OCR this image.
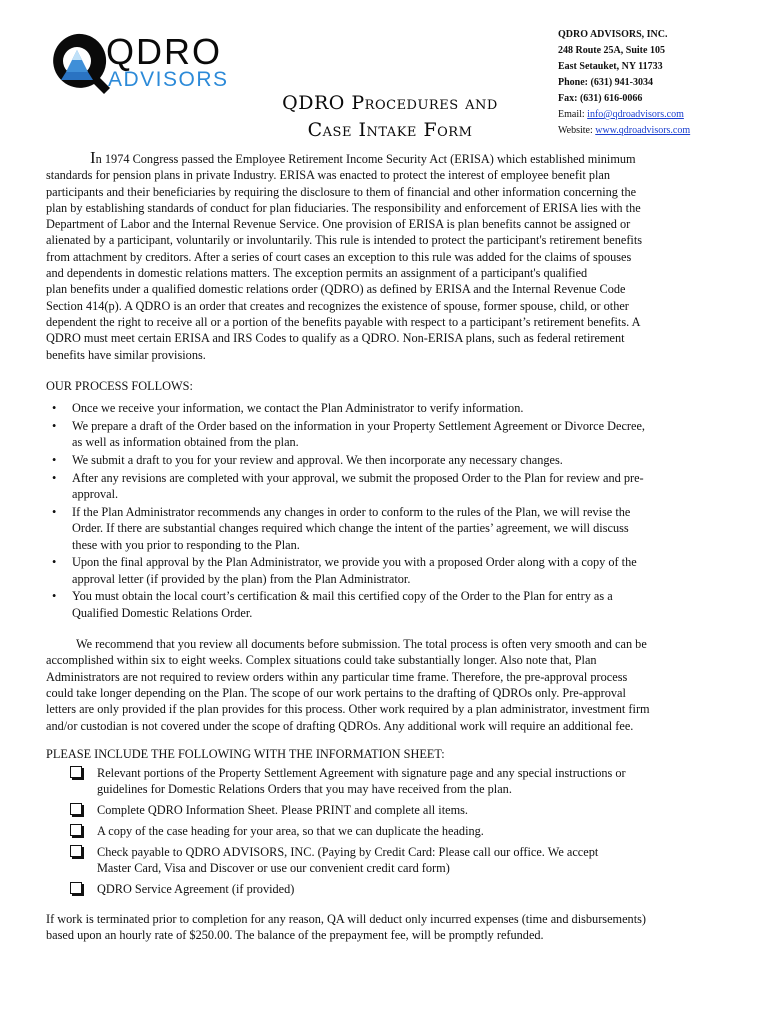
QDRO
ADVISORS
QDRO Procedures and
Case Intake Form
QDRO ADVISORS, INC.
248 Route 25A, Suite 105
East Setauket, NY 11733
Phone: (631) 941-3034
Fax: (631) 616-0066
Email: info@qdroadvisors.com
Website: www.qdroadvisors.com

In 1974 Congress passed the Employee Retirement Income Security Act (ERISA) which established minimum
standards for pension plans in private Industry. ERISA was enacted to protect the interest of employee benefit plan
participants and their beneficiaries by requiring the disclosure to them of financial and other information concerning the
plan by establishing standards of conduct for plan fiduciaries. The responsibility and enforcement of ERISA lies with the
Department of Labor and the Internal Revenue Service. One provision of ERISA is plan benefits cannot be assigned or
alienated by a participant, voluntarily or involuntarily. This rule is intended to protect the participant's retirement benefits
from attachment by creditors. After a series of court cases an exception to this rule was added for the claims of spouses
and dependents in domestic relations matters. The exception permits an assignment of a participant's qualified
plan benefits under a qualified domestic relations order (QDRO) as defined by ERISA and the Internal Revenue Code
Section 414(p). A QDRO is an order that creates and recognizes the existence of spouse, former spouse, child, or other
dependent the right to receive all or a portion of the benefits payable with respect to a participant’s retirement benefits. A
QDRO must meet certain ERISA and IRS Codes to qualify as a QDRO. Non-ERISA plans, such as federal retirement
benefits have similar provisions.

OUR PROCESS FOLLOWS:
• Once we receive your information, we contact the Plan Administrator to verify information.
• We prepare a draft of the Order based on the information in your Property Settlement Agreement or Divorce Decree,
as well as information obtained from the plan.
• We submit a draft to you for your review and approval. We then incorporate any necessary changes.
• After any revisions are completed with your approval, we submit the proposed Order to the Plan for review and pre-
approval.
• If the Plan Administrator recommends any changes in order to conform to the rules of the Plan, we will revise the
Order. If there are substantial changes required which change the intent of the parties’ agreement, we will discuss
these with you prior to responding to the Plan.
• Upon the final approval by the Plan Administrator, we provide you with a proposed Order along with a copy of the
approval letter (if provided by the plan) from the Plan Administrator.
• You must obtain the local court’s certification & mail this certified copy of the Order to the Plan for entry as a
Qualified Domestic Relations Order.

We recommend that you review all documents before submission. The total process is often very smooth and can be
accomplished within six to eight weeks. Complex situations could take substantially longer. Also note that, Plan
Administrators are not required to review orders within any particular time frame. Therefore, the pre-approval process
could take longer depending on the Plan. The scope of our work pertains to the drafting of QDROs only. Pre-approval
letters are only provided if the plan provides for this process. Other work required by a plan administrator, investment firm
and/or custodian is not covered under the scope of drafting QDROs. Any additional work will require an additional fee.

PLEASE INCLUDE THE FOLLOWING WITH THE INFORMATION SHEET:
Relevant portions of the Property Settlement Agreement with signature page and any special instructions or
guidelines for Domestic Relations Orders that you may have received from the plan.
Complete QDRO Information Sheet. Please PRINT and complete all items.
A copy of the case heading for your area, so that we can duplicate the heading.
Check payable to QDRO ADVISORS, INC. (Paying by Credit Card: Please call our office. We accept
Master Card, Visa and Discover or use our convenient credit card form)
QDRO Service Agreement (if provided)

If work is terminated prior to completion for any reason, QA will deduct only incurred expenses (time and disbursements)
based upon an hourly rate of $250.00. The balance of the prepayment fee, will be promptly refunded.
